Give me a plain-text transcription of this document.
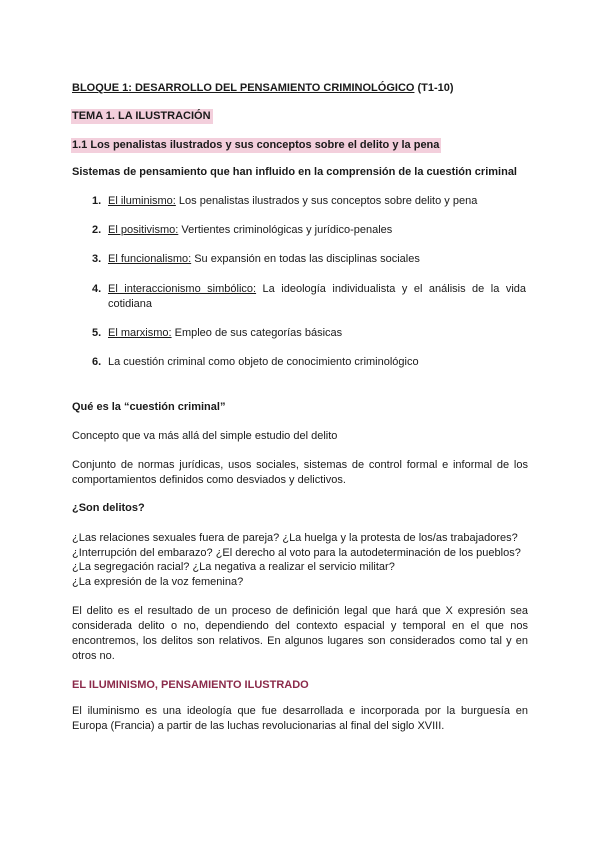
BLOQUE 1: DESARROLLO DEL PENSAMIENTO CRIMINOLÓGICO (T1-10)
TEMA 1. LA ILUSTRACIÓN
1.1 Los penalistas ilustrados y sus conceptos sobre el delito y la pena
Sistemas de pensamiento que han influido en la comprensión de la cuestión criminal
1. El iluminismo: Los penalistas ilustrados y sus conceptos sobre delito y pena
2. El positivismo: Vertientes criminológicas y jurídico-penales
3. El funcionalismo: Su expansión en todas las disciplinas sociales
4. El interaccionismo simbólico: La ideología individualista y el análisis de la vida cotidiana
5. El marxismo: Empleo de sus categorías básicas
6. La cuestión criminal como objeto de conocimiento criminológico
Qué es la “cuestión criminal”
Concepto que va más allá del simple estudio del delito
Conjunto de normas jurídicas, usos sociales, sistemas de control formal e informal de los comportamientos definidos como desviados y delictivos.
¿Son delitos?
¿Las relaciones sexuales fuera de pareja? ¿La huelga y la protesta de los/as trabajadores?
¿Interrupción del embarazo? ¿El derecho al voto para la autodeterminación de los pueblos?
¿La segregación racial? ¿La negativa a realizar el servicio militar?
¿La expresión de la voz femenina?
El delito es el resultado de un proceso de definición legal que hará que X expresión sea considerada delito o no, dependiendo del contexto espacial y temporal en el que nos encontremos, los delitos son relativos. En algunos lugares son considerados como tal y en otros no.
EL ILUMINISMO, PENSAMIENTO ILUSTRADO
El iluminismo es una ideología que fue desarrollada e incorporada por la burguesía en Europa (Francia) a partir de las luchas revolucionarias al final del siglo XVIII.
